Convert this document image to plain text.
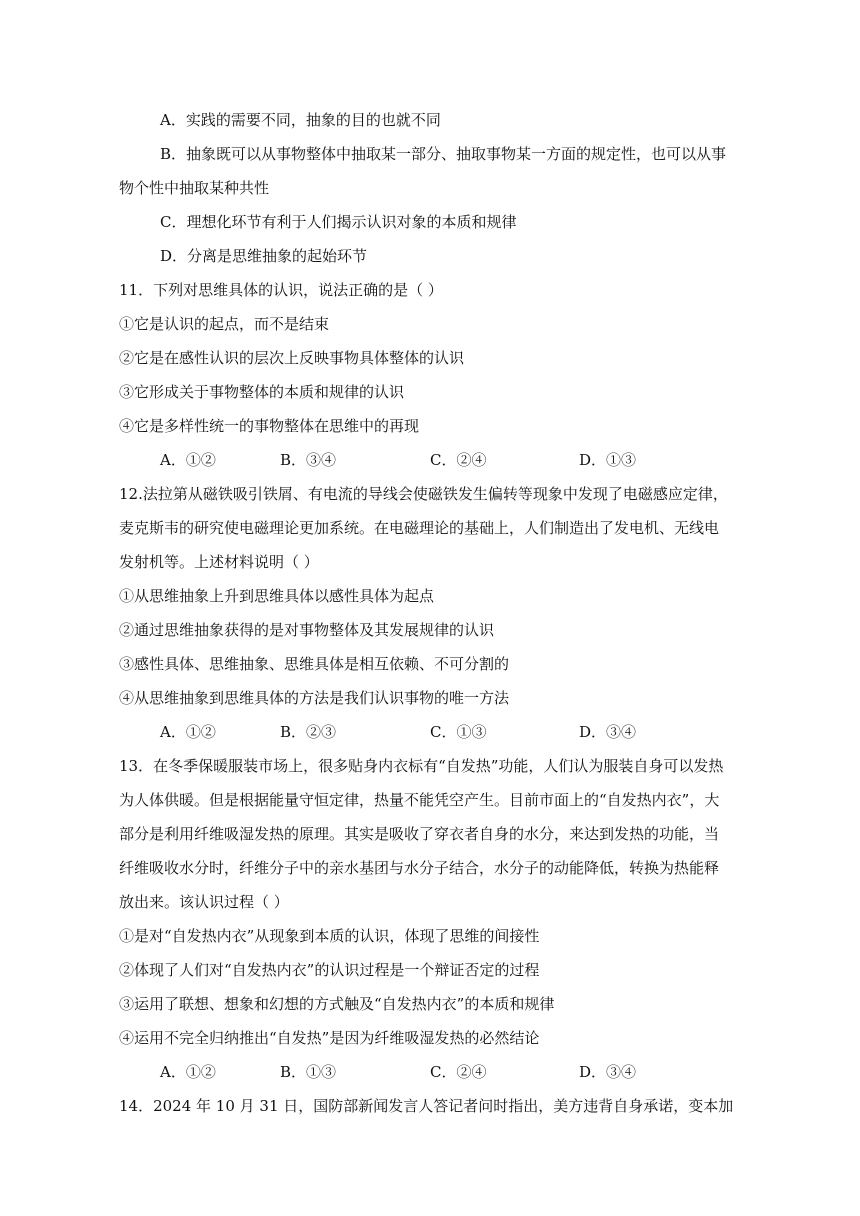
A．实践的需要不同，抽象的目的也就不同
B．抽象既可以从事物整体中抽取某一部分、抽取事物某一方面的规定性，也可以从事
物个性中抽取某种共性
C．理想化环节有利于人们揭示认识对象的本质和规律
D．分离是思维抽象的起始环节
11．下列对思维具体的认识，说法正确的是（ ）
①它是认识的起点，而不是结束
②它是在感性认识的层次上反映事物具体整体的认识
③它形成关于事物整体的本质和规律的认识
④它是多样性统一的事物整体在思维中的再现
A．①②	B．③④	C．②④	D．①③
12.法拉第从磁铁吸引铁屑、有电流的导线会使磁铁发生偏转等现象中发现了电磁感应定律，
麦克斯韦的研究使电磁理论更加系统。在电磁理论的基础上，人们制造出了发电机、无线电
发射机等。上述材料说明（ ）
①从思维抽象上升到思维具体以感性具体为起点
②通过思维抽象获得的是对事物整体及其发展规律的认识
③感性具体、思维抽象、思维具体是相互依赖、不可分割的
④从思维抽象到思维具体的方法是我们认识事物的唯一方法
A．①②	B．②③	C．①③	D．③④
13．在冬季保暖服装市场上，很多贴身内衣标有“自发热”功能，人们认为服装自身可以发热
为人体供暖。但是根据能量守恒定律，热量不能凭空产生。目前市面上的“自发热内衣”，大
部分是利用纤维吸湿发热的原理。其实是吸收了穿衣者自身的水分，来达到发热的功能，当
纤维吸收水分时，纤维分子中的亲水基团与水分子结合，水分子的动能降低，转换为热能释
放出来。该认识过程（ ）
①是对“自发热内衣”从现象到本质的认识，体现了思维的间接性
②体现了人们对“自发热内衣”的认识过程是一个辩证否定的过程
③运用了联想、想象和幻想的方式触及“自发热内衣”的本质和规律
④运用不完全归纳推出“自发热”是因为纤维吸湿发热的必然结论
A．①②	B．①③	C．②④	D．③④
14．2024 年 10 月 31 日，国防部新闻发言人答记者问时指出，美方违背自身承诺，变本加
